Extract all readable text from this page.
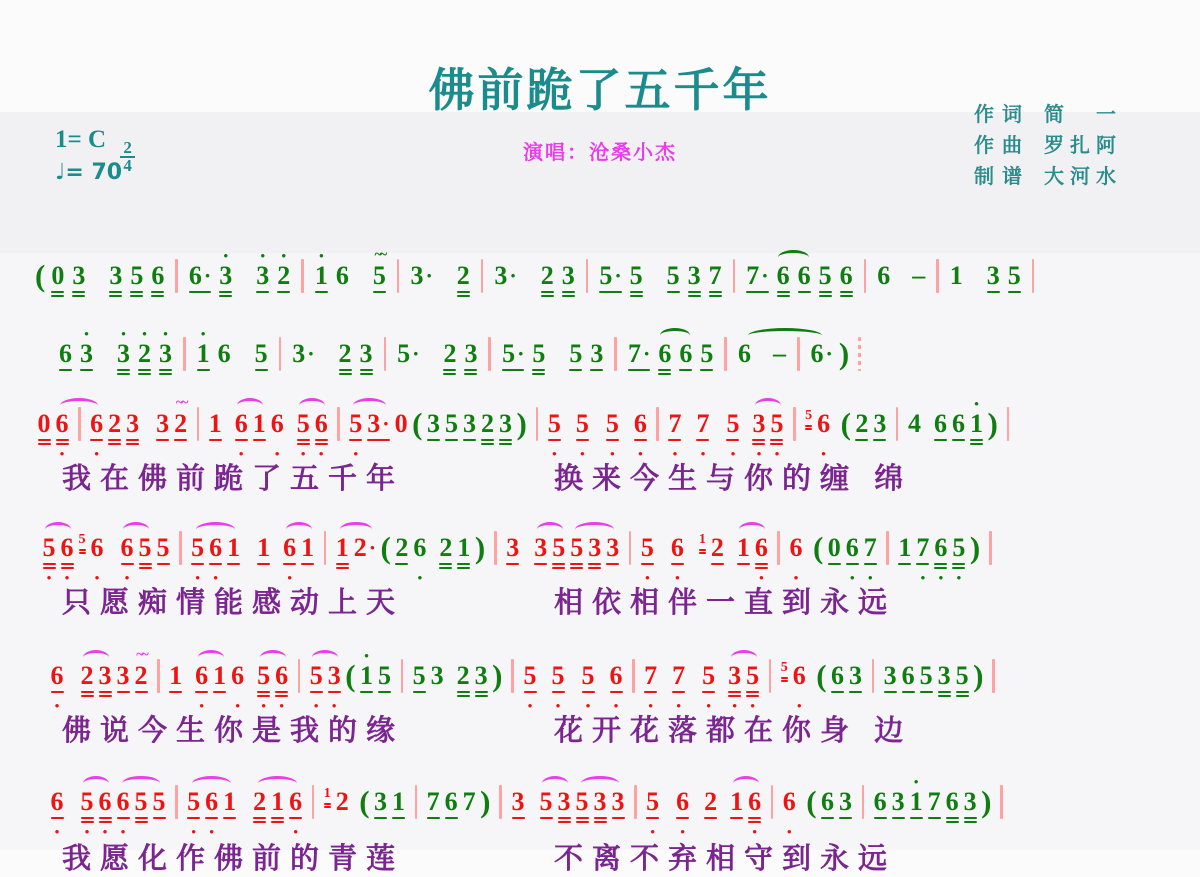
佛前跪了五千年
演唱：沧桑小杰
作词 简　一
作曲 罗扎阿
制谱 大河水
1= C
$\frac{2}{4}$
♩= 70
( 0 3 3 5 6 6 ·
•
3
•
3
•
2
•
1 6
~~
5 3 · 2 3 · 2 3 5 · 5 5 3 7 7 · 6 6 5 6 6 – 1 3 5
6
•
3
•
3
•
2
•
3
•
1 6 5 3 · 2 3 5 · 2 3 5 · 5 5 3 7 · 6 6 5 6 – 6 · )
0 6
•
6
•
2 3 3
~~
2 1 6
•
1 6
•
5
•
6
•
5
•
3 · 0 ( 3 5 3 2 3 ) 5
•
5
•
5
•
6
•
7
•
7
•
5
•
3
•
5
•
5 6
•
( 2 3 4 6 6
•
1 )
5
•
6
•
5 6
•
6
•
5 5 5
•
6
•
1 1 6
•
1 1 2 · ( 2 6
•
2 1 ) 3 3 5 5 3 3 5
•
6
•
1 2 1 6
•
6
•
( 0 6
•
7
•
1 7
•
6
•
5
•
)
6
•
2 3 3
~~
2 1 6
•
1 6
•
5
•
6
•
5
•
3
•
(
•
1 5 5 3 2 3 ) 5
•
5
•
5
•
6
•
7
•
7
•
5
•
3
•
5
•
5 6
•
( 6 3 3 6 5 3 5 )
6
•
5
•
6
•
6
•
5 5 5
•
6
•
1 2 1 6
•
1 2 ( 3 1 7 6 7 ) 3 5 3 5 3 3 5
•
6
•
2 1 6
•
6
•
( 6 3 6 3
•
1 7 6 3 )
我在佛前跪了五千年	换来今生与你的缠 绵
只愿痴情能感动上天	相依相伴一直到永远
佛说今生你是我的缘	花开花落都在你身 边
我愿化作佛前的青莲	不离不弃相守到永远
